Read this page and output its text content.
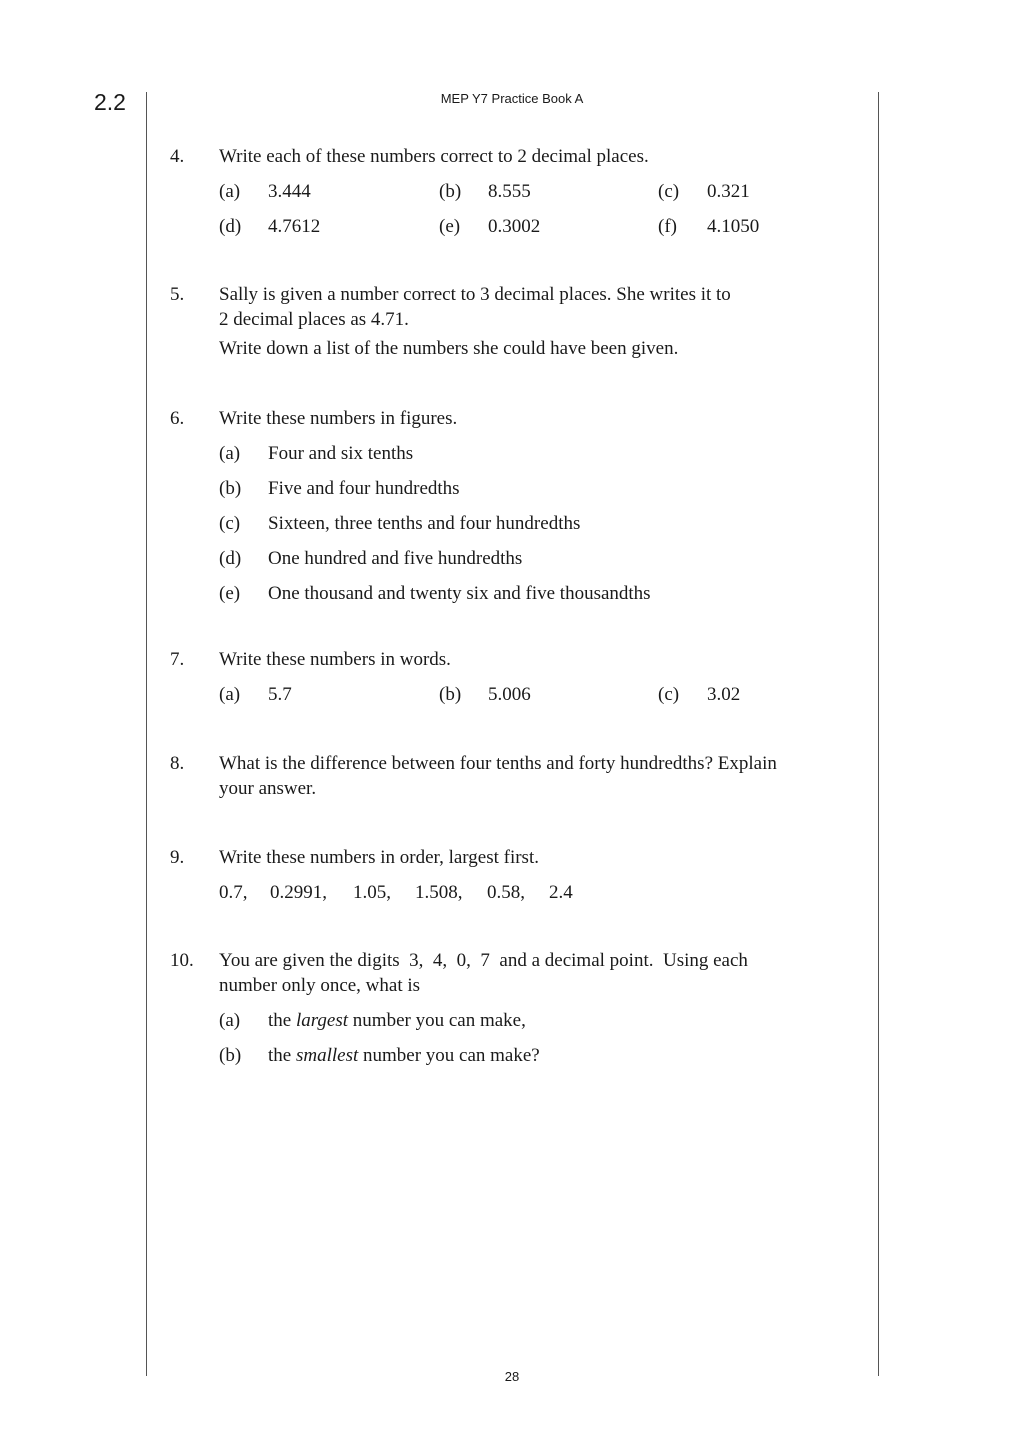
2.2	MEP Y7 Practice Book A
4. Write each of these numbers correct to 2 decimal places.
(a) 3.444	(b) 8.555	(c) 0.321
(d) 4.7612	(e) 0.3002	(f) 4.1050
5. Sally is given a number correct to 3 decimal places. She writes it to
2 decimal places as 4.71.
Write down a list of the numbers she could have been given.
6. Write these numbers in figures.
(a) Four and six tenths
(b) Five and four hundredths
(c) Sixteen, three tenths and four hundredths
(d) One hundred and five hundredths
(e) One thousand and twenty six and five thousandths
7. Write these numbers in words.
(a) 5.7	(b) 5.006	(c) 3.02
8. What is the difference between four tenths and forty hundredths? Explain
your answer.
9. Write these numbers in order, largest first.
0.7, 0.2991, 1.05, 1.508, 0.58, 2.4
10. You are given the digits  3,  4,  0,  7  and a decimal point.  Using each
number only once, what is
(a) the largest number you can make,
(b) the smallest number you can make?
28
